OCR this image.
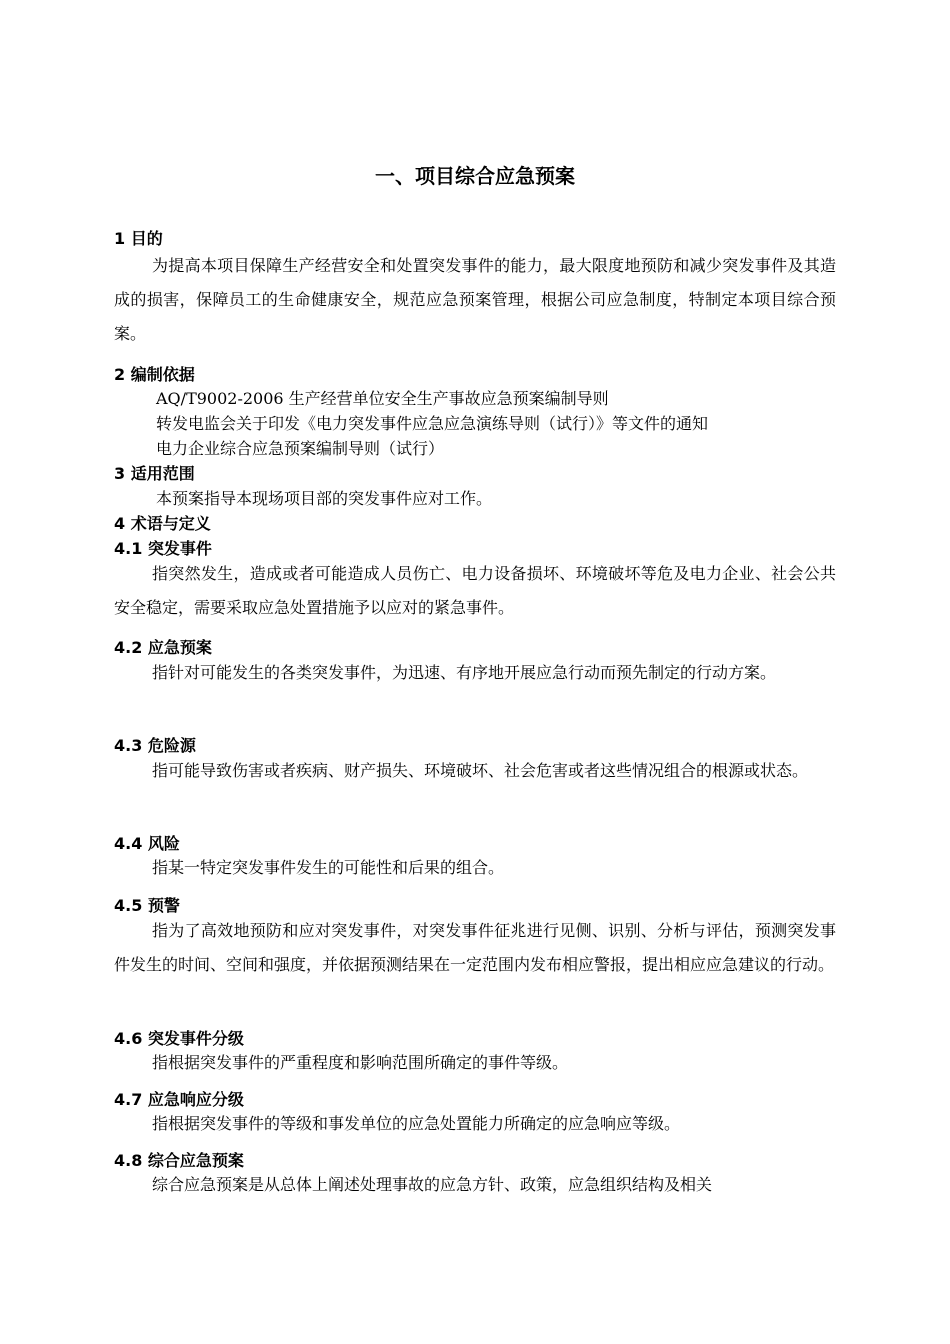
一、项目综合应急预案
1 目的
为提高本项目保障生产经营安全和处置突发事件的能力，最大限度地预防和减少突发事件及其造成的损害，保障员工的生命健康安全，规范应急预案管理，根据公司应急制度，特制定本项目综合预案。
2 编制依据
AQ/T9002-2006 生产经营单位安全生产事故应急预案编制导则
转发电监会关于印发《电力突发事件应急应急演练导则（试行）》等文件的通知
电力企业综合应急预案编制导则（试行）
3 适用范围
本预案指导本现场项目部的突发事件应对工作。
4 术语与定义
4.1 突发事件
指突然发生，造成或者可能造成人员伤亡、电力设备损坏、环境破坏等危及电力企业、社会公共安全稳定，需要采取应急处置措施予以应对的紧急事件。
4.2 应急预案
指针对可能发生的各类突发事件，为迅速、有序地开展应急行动而预先制定的行动方案。
4.3 危险源
指可能导致伤害或者疾病、财产损失、环境破坏、社会危害或者这些情况组合的根源或状态。
4.4 风险
指某一特定突发事件发生的可能性和后果的组合。
4.5 预警
指为了高效地预防和应对突发事件，对突发事件征兆进行见侧、识别、分析与评估，预测突发事件发生的时间、空间和强度，并依据预测结果在一定范围内发布相应警报，提出相应应急建议的行动。
4.6 突发事件分级
指根据突发事件的严重程度和影响范围所确定的事件等级。
4.7 应急响应分级
指根据突发事件的等级和事发单位的应急处置能力所确定的应急响应等级。
4.8 综合应急预案
综合应急预案是从总体上阐述处理事故的应急方针、政策，应急组织结构及相关
